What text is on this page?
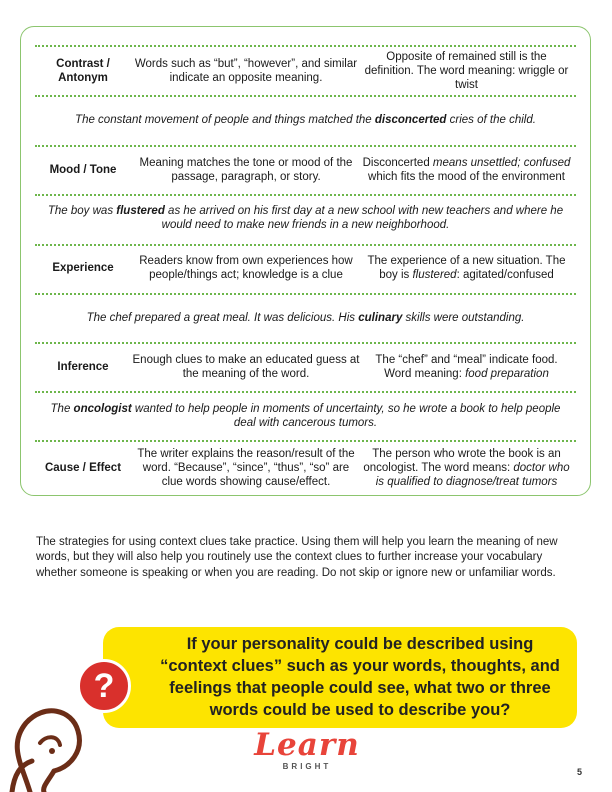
Contrast / Antonym
Words such as “but”, “however”, and similar indicate an opposite meaning.
Opposite of remained still is the definition. The word meaning: wriggle or twist
The constant movement of people and things matched the disconcerted cries of the child.
Mood / Tone
Meaning matches the tone or mood of the passage, paragraph, or story.
Disconcerted means unsettled; confused
which fits the mood of the environment
The boy was flustered as he arrived on his first day at a new school with new teachers and where he would need to make new friends in a new neighborhood.
Experience
Readers know from own experiences how people/things act; knowledge is a clue
The experience of a new situation. The boy is flustered: agitated/confused
The chef prepared a great meal. It was delicious. His culinary skills were outstanding.
Inference
Enough clues to make an educated guess at the meaning of the word.
The “chef” and “meal” indicate food. Word meaning: food preparation
The oncologist wanted to help people in moments of uncertainty, so he wrote a book to help people deal with cancerous tumors.
Cause / Effect
The writer explains the reason/result of the word. “Because”, “since”, “thus”, “so” are clue words showing cause/effect.
The person who wrote the book is an oncologist. The word means: doctor who is qualified to diagnose/treat tumors

The strategies for using context clues take practice. Using them will help you learn the meaning of new words, but they will also help you routinely use the context clues to further increase your vocabulary whether someone is speaking or when you are reading. Do not skip or ignore new or unfamiliar words.

If your personality could be described using “context clues” such as your words, thoughts, and feelings that people could see, what two or three words could be used to describe you?
?
Learn
BRIGHT
5
